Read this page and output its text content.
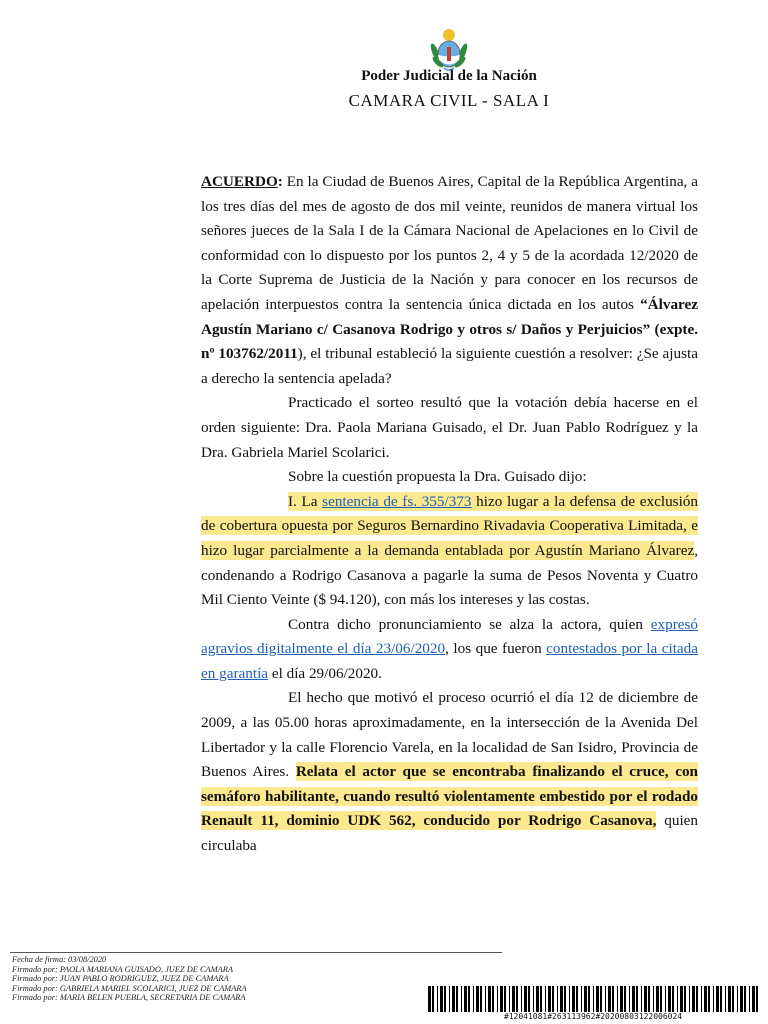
Poder Judicial de la Nación
CAMARA CIVIL - SALA I

ACUERDO: En la Ciudad de Buenos Aires, Capital de la República Argentina, a los tres días del mes de agosto de dos mil veinte, reunidos de manera virtual los señores jueces de la Sala I de la Cámara Nacional de Apelaciones en lo Civil de conformidad con lo dispuesto por los puntos 2, 4 y 5 de la acordada 12/2020 de la Corte Suprema de Justicia de la Nación y para conocer en los recursos de apelación interpuestos contra la sentencia única dictada en los autos “Álvarez Agustín Mariano c/ Casanova Rodrigo y otros s/ Daños y Perjuicios” (expte. nº 103762/2011), el tribunal estableció la siguiente cuestión a resolver: ¿Se ajusta a derecho la sentencia apelada?

Practicado el sorteo resultó que la votación debía hacerse en el orden siguiente: Dra. Paola Mariana Guisado, el Dr. Juan Pablo Rodríguez y la Dra. Gabriela Mariel Scolarici.

Sobre la cuestión propuesta la Dra. Guisado dijo:

I. La sentencia de fs. 355/373 hizo lugar a la defensa de exclusión de cobertura opuesta por Seguros Bernardino Rivadavia Cooperativa Limitada, e hizo lugar parcialmente a la demanda entablada por Agustín Mariano Álvarez, condenando a Rodrigo Casanova a pagarle la suma de Pesos Noventa y Cuatro Mil Ciento Veinte ($ 94.120), con más los intereses y las costas.

Contra dicho pronunciamiento se alza la actora, quien expresó agravios digitalmente el día 23/06/2020, los que fueron contestados por la citada en garantía el día 29/06/2020.

El hecho que motivó el proceso ocurrió el día 12 de diciembre de 2009, a las 05.00 horas aproximadamente, en la intersección de la Avenida Del Libertador y la calle Florencio Varela, en la localidad de San Isidro, Provincia de Buenos Aires. Relata el actor que se encontraba finalizando el cruce, con semáforo habilitante, cuando resultó violentamente embestido por el rodado Renault 11, dominio UDK 562, conducido por Rodrigo Casanova, quien circulaba

Fecha de firma: 03/08/2020
Firmado por: PAOLA MARIANA GUISADO, JUEZ DE CAMARA
Firmado por: JUAN PABLO RODRIGUEZ, JUEZ DE CAMARA
Firmado por: GABRIELA MARIEL SCOLARICI, JUEZ DE CAMARA
Firmado por: MARIA BELEN PUEBLA, SECRETARIA DE CAMARA
#12041081#263113962#20200803122006024
